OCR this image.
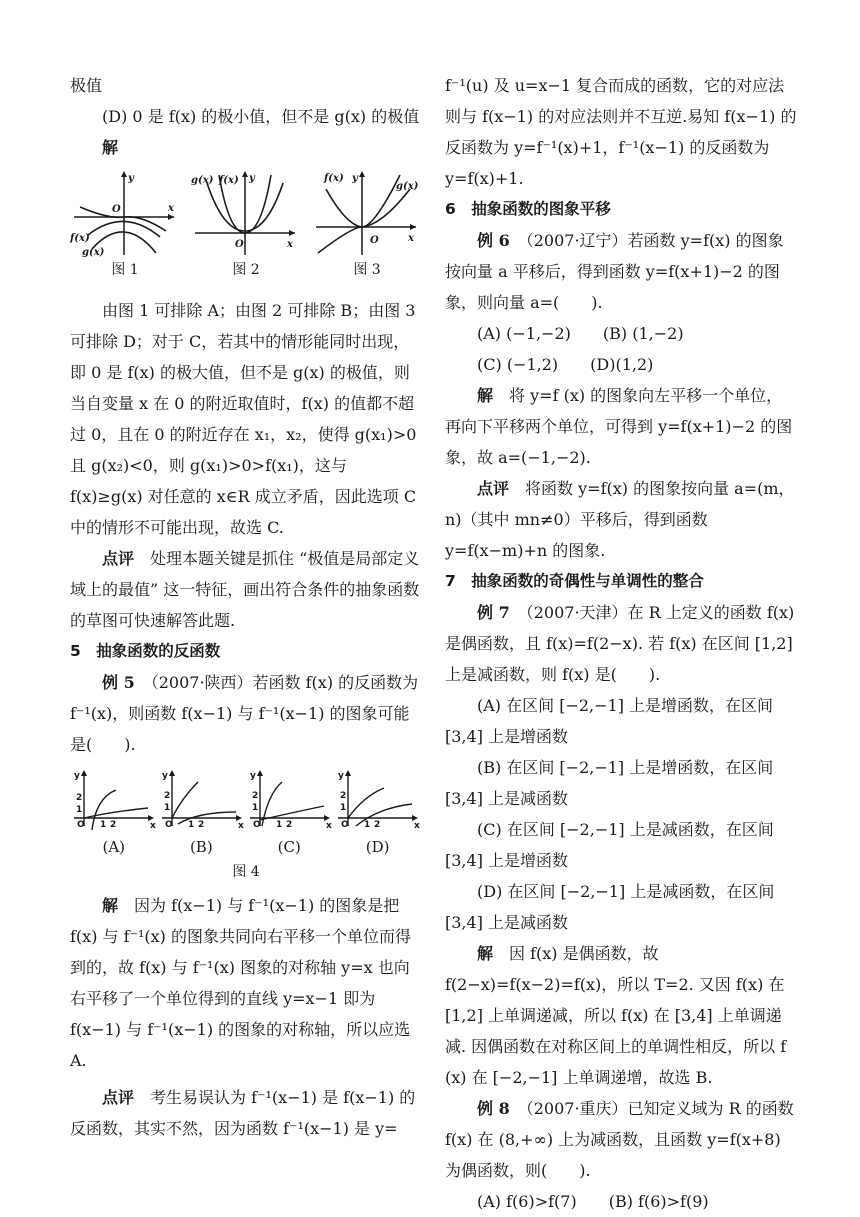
极值

(D) 0 是 f(x) 的极小值，但不是 g(x) 的极值

解

y
x
O
f(x)
g(x)
图 1
g(x) f(x) y
O	x
图 2
f(x) y
g(x)
O	x
图 3

由图 1 可排除 A；由图 2 可排除 B；由图 3 可排除 D；对于 C，若其中的情形能同时出现，即 0 是 f(x) 的极大值，但不是 g(x) 的极值，则当自变量 x 在 0 的附近取值时，f(x) 的值都不超过 0，且在 0 的附近存在 x₁，x₂，使得 g(x₁)>0 且 g(x₂)<0，则 g(x₁)>0>f(x₁)，这与 f(x)≥g(x) 对任意的 x∈R 成立矛盾，因此选项 C 中的情形不可能出现，故选 C.

点评　 处理本题关键是抓住 “极值是局部定义域上的最值” 这一特征，画出符合条件的抽象函数的草图可快速解答此题.

5　抽象函数的反函数

例 5　 （2007·陕西）若函数 f(x) 的反函数为 f⁻¹(x)，则函数 f(x−1) 与 f⁻¹(x−1) 的图象可能是(　　).

y
2
1
O 1 2	x
y
2
1
O 1 2	x
y
2
1
O 1 2	x
y
2
1
O 1 2	x
(A)	(B)	(C)	(D)
图 4

解　 因为 f(x−1) 与 f⁻¹(x−1) 的图象是把 f(x) 与 f⁻¹(x) 的图象共同向右平移一个单位而得到的，故 f(x) 与 f⁻¹(x) 图象的对称轴 y=x 也向右平移了一个单位得到的直线 y=x−1 即为 f(x−1) 与 f⁻¹(x−1) 的图象的对称轴，所以应选 A.

点评　 考生易误认为 f⁻¹(x−1) 是 f(x−1) 的反函数，其实不然，因为函数 f⁻¹(x−1) 是 y=

f⁻¹(u) 及 u=x−1 复合而成的函数，它的对应法则与 f(x−1) 的对应法则并不互逆.易知 f(x−1) 的反函数为 y=f⁻¹(x)+1，f⁻¹(x−1) 的反函数为 y=f(x)+1.

6　抽象函数的图象平移

例 6　 （2007·辽宁）若函数 y=f(x) 的图象按向量 a 平移后，得到函数 y=f(x+1)−2 的图象，则向量 a=(　　).

(A) (−1,−2)　　 (B) (1,−2)

(C) (−1,2)　　 (D)(1,2)

解　 将 y=f (x) 的图象向左平移一个单位，再向下平移两个单位，可得到 y=f(x+1)−2 的图象，故 a=(−1,−2).

点评　 将函数 y=f(x) 的图象按向量 a=(m，n)（其中 mn≠0）平移后，得到函数 y=f(x−m)+n 的图象.

7　抽象函数的奇偶性与单调性的整合

例 7　 （2007·天津）在 R 上定义的函数 f(x) 是偶函数，且 f(x)=f(2−x). 若 f(x) 在区间 [1,2] 上是减函数，则 f(x) 是(　　).

(A) 在区间 [−2,−1] 上是增函数，在区间 [3,4] 上是增函数

(B) 在区间 [−2,−1] 上是增函数，在区间 [3,4] 上是减函数

(C) 在区间 [−2,−1] 上是减函数，在区间 [3,4] 上是增函数

(D) 在区间 [−2,−1] 上是减函数，在区间 [3,4] 上是减函数

解　 因 f(x) 是偶函数，故 f(2−x)=f(x−2)=f(x)，所以 T=2. 又因 f(x) 在 [1,2] 上单调递减，所以 f(x) 在 [3,4] 上单调递减. 因偶函数在对称区间上的单调性相反，所以 f (x) 在 [−2,−1] 上单调递增，故选 B.

例 8　 （2007·重庆）已知定义域为 R 的函数 f(x) 在 (8,+∞) 上为减函数，且函数 y=f(x+8) 为偶函数，则(　　).

(A) f(6)>f(7)　　 (B) f(6)>f(9)
